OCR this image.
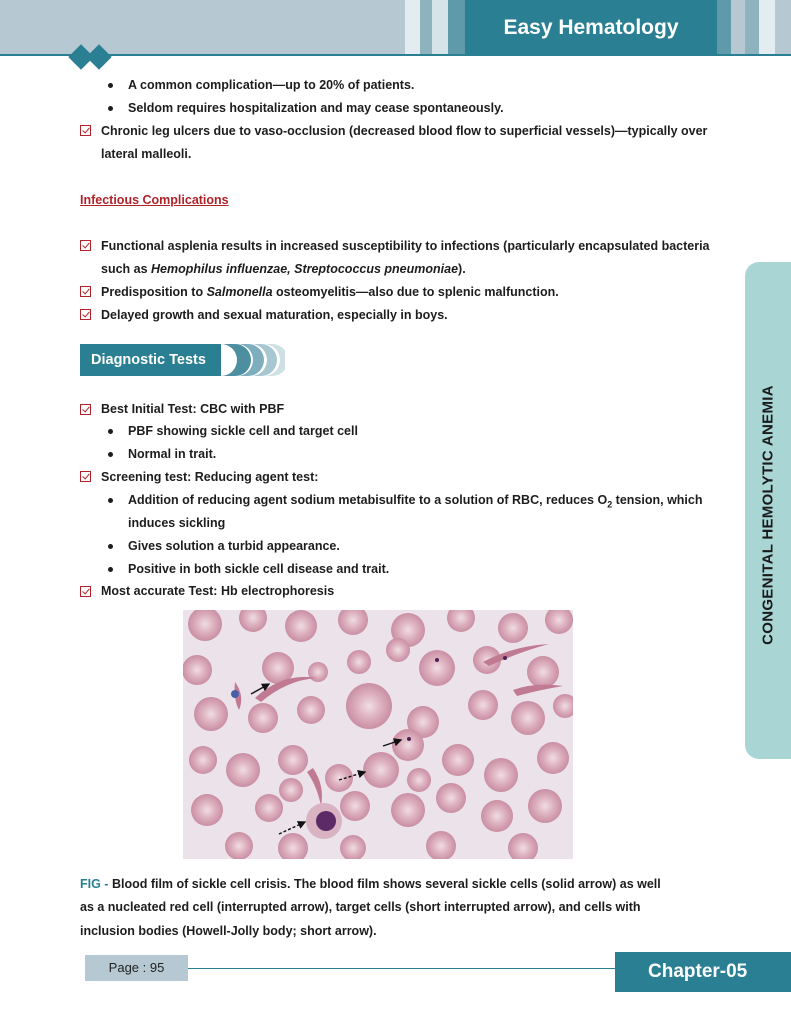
Easy Hematology
A common complication—up to 20% of patients.
Seldom requires hospitalization and may cease spontaneously.
Chronic leg ulcers due to vaso-occlusion (decreased blood flow to superficial vessels)—typically over
lateral malleoli.
Infectious Complications
Functional asplenia results in increased susceptibility to infections (particularly encapsulated bacteria
such as Hemophilus influenzae, Streptococcus pneumoniae).
Predisposition to Salmonella osteomyelitis—also due to splenic malfunction.
Delayed growth and sexual maturation, especially in boys.
Diagnostic Tests
Best Initial Test: CBC with PBF
PBF showing sickle cell and target cell
Normal in trait.
Screening test: Reducing agent test:
Addition of reducing agent sodium metabisulfite to a solution of RBC, reduces $O_2$ tension, which
induces sickling
Gives solution a turbid appearance.
Positive in both sickle cell disease and trait.
Most accurate Test: Hb electrophoresis
FIG - Blood film of sickle cell crisis. The blood film shows several sickle cells (solid arrow) as well
as a nucleated red cell (interrupted arrow), target cells (short interrupted arrow), and cells with
inclusion bodies (Howell-Jolly body; short arrow).
CONGENITAL HEMOLYTIC ANEMIA
Page : 95	Chapter-05
